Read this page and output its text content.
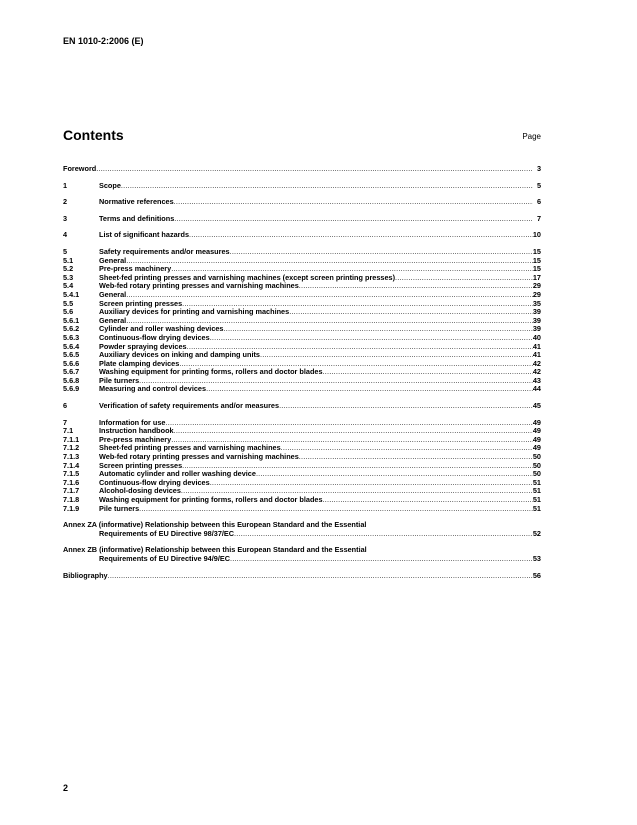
EN 1010-2:2006 (E)
Contents	Page
Foreword .....	3
1	Scope .....	5
2	Normative references .....	6
3	Terms and definitions .....	7
4	List of significant hazards .....	10
5	Safety requirements and/or measures .....	15
5.1	General .....	15
5.2	Pre-press machinery .....	15
5.3	Sheet-fed printing presses and varnishing machines (except screen printing presses) .....	17
5.4	Web-fed rotary printing presses and varnishing machines .....	29
5.4.1	General .....	29
5.5	Screen printing presses .....	35
5.6	Auxiliary devices for printing and varnishing machines .....	39
5.6.1	General .....	39
5.6.2	Cylinder and roller washing devices .....	39
5.6.3	Continuous-flow drying devices .....	40
5.6.4	Powder spraying devices .....	41
5.6.5	Auxiliary devices on inking and damping units .....	41
5.6.6	Plate clamping devices .....	42
5.6.7	Washing equipment for printing forms, rollers and doctor blades .....	42
5.6.8	Pile turners .....	43
5.6.9	Measuring and control devices .....	44
6	Verification of safety requirements and/or measures .....	45
7	Information for use .....	49
7.1	Instruction handbook .....	49
7.1.1	Pre-press machinery .....	49
7.1.2	Sheet-fed printing presses and varnishing machines .....	49
7.1.3	Web-fed rotary printing presses and varnishing machines .....	50
7.1.4	Screen printing presses .....	50
7.1.5	Automatic cylinder and roller washing device .....	50
7.1.6	Continuous-flow drying devices .....	51
7.1.7	Alcohol-dosing devices .....	51
7.1.8	Washing equipment for printing forms, rollers and doctor blades .....	51
7.1.9	Pile turners .....	51
Annex ZA (informative) Relationship between this European Standard and the Essential
Requirements of EU Directive 98/37/EC .....	52
Annex ZB (informative) Relationship between this European Standard and the Essential
Requirements of EU Directive 94/9/EC .....	53
Bibliography .....	56
2
